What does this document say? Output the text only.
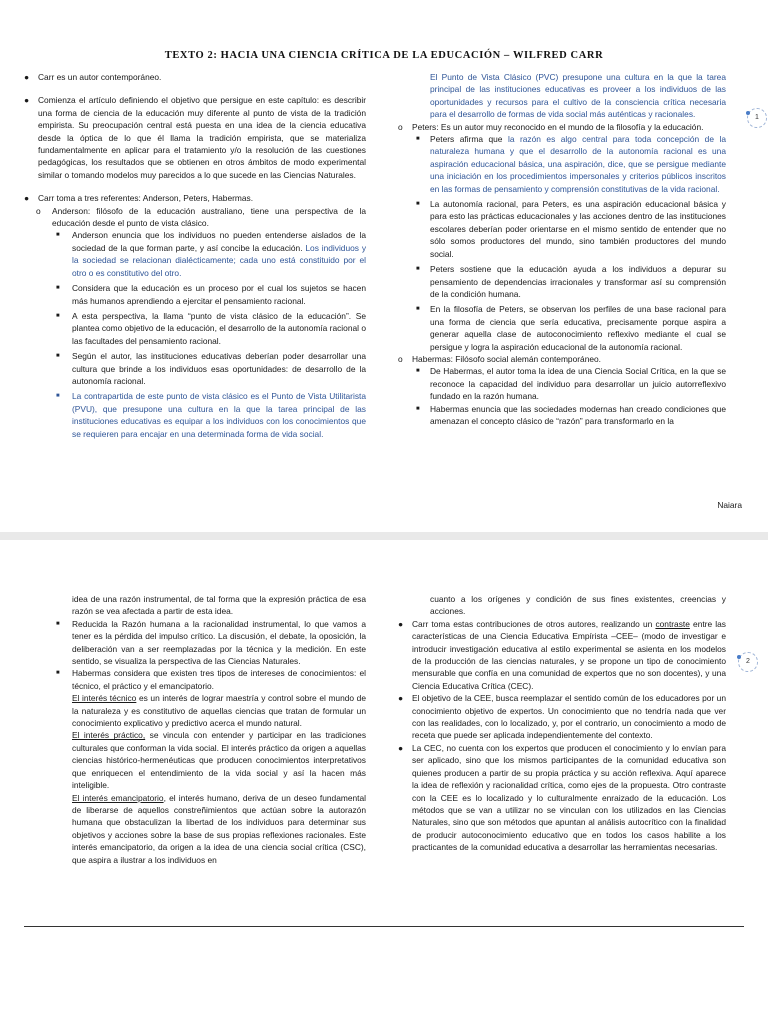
TEXTO 2: HACIA UNA CIENCIA CRÍTICA DE LA EDUCACIÓN – WILFRED CARR
● Carr es un autor contemporáneo.
● Comienza el artículo definiendo el objetivo que persigue en este capítulo: es describir una forma de ciencia de la educación muy diferente al punto de vista de la tradición empirista. Su preocupación central está puesta en una idea de la ciencia educativa desde la óptica de lo que él llama la tradición empirista, que se materializa fundamentalmente en aplicar para el tratamiento y/o la resolución de las cuestiones pedagógicas, los resultados que se obtienen en otros ámbitos de modo experimental similar o tomando modelos muy parecidos a lo que sucede en las Ciencias Naturales.
● Carr toma a tres referentes: Anderson, Peters, Habermas.
o Anderson: filósofo de la educación australiano, tiene una perspectiva de la educación desde el punto de vista clásico.
■ Anderson enuncia que los individuos no pueden entenderse aislados de la sociedad de la que forman parte, y así concibe la educación. Los individuos y la sociedad se relacionan dialécticamente; cada uno está constituido por el otro o es constitutivo del otro.
■ Considera que la educación es un proceso por el cual los sujetos se hacen más humanos aprendiendo a ejercitar el pensamiento racional.
■ A esta perspectiva, la llama “punto de vista clásico de la educación”. Se plantea como objetivo de la educación, el desarrollo de la autonomía racional o las facultades del pensamiento racional.
■ Según el autor, las instituciones educativas deberían poder desarrollar una cultura que brinde a los individuos esas oportunidades: de desarrollo de la autonomía racional.
■ La contrapartida de este punto de vista clásico es el Punto de Vista Utilitarista (PVU), que presupone una cultura en la que la tarea principal de las instituciones educativas es equipar a los individuos con los conocimientos que se requieren para encajar en una determinada forma de vida social.
El Punto de Vista Clásico (PVC) presupone una cultura en la que la tarea principal de las instituciones educativas es proveer a los individuos de las oportunidades y recursos para el cultivo de la consciencia crítica necesaria para el desarrollo de formas de vida social más auténticas y racionales.
o Peters: Es un autor muy reconocido en el mundo de la filosofía y la educación.
■ Peters afirma que la razón es algo central para toda concepción de la naturaleza humana y que el desarrollo de la autonomía racional es una aspiración educacional básica, una aspiración, dice, que se persigue mediante una iniciación en los procedimientos impersonales y criterios públicos inscritos en las formas de pensamiento y comprensión constitutivas de la vida racional.
■ La autonomía racional, para Peters, es una aspiración educacional básica y para esto las prácticas educacionales y las acciones dentro de las instituciones escolares deberían poder orientarse en el mismo sentido de entender que no sólo somos productores del mundo, sino también productores del mundo social.
■ Peters sostiene que la educación ayuda a los individuos a depurar su pensamiento de dependencias irracionales y transformar así su comprensión de la condición humana.
■ En la filosofía de Peters, se observan los perfiles de una base racional para una forma de ciencia que sería educativa, precisamente porque aspira a generar aquella clase de autoconocimiento reflexivo mediante el cual se persigue y logra la aspiración educacional de la autonomía racional.
o Habermas: Filósofo social alemán contemporáneo.
■ De Habermas, el autor toma la idea de una Ciencia Social Crítica, en la que se reconoce la capacidad del individuo para desarrollar un juicio autorreflexivo fundado en la razón humana.
■ Habermas enuncia que las sociedades modernas han creado condiciones que amenazan el concepto clásico de “razón” para transformarlo en la
1
Naiara
idea de una razón instrumental, de tal forma que la expresión práctica de esa razón se vea afectada a partir de esta idea.
■ Reducida la Razón humana a la racionalidad instrumental, lo que vamos a tener es la pérdida del impulso crítico. La discusión, el debate, la oposición, la deliberación van a ser reemplazadas por la técnica y la medición. En este sentido, se visualiza la perspectiva de las Ciencias Naturales.
■ Habermas considera que existen tres tipos de intereses de conocimientos: el técnico, el práctico y el emancipatorio.
El interés técnico es un interés de lograr maestría y control sobre el mundo de la naturaleza y es constitutivo de aquellas ciencias que tratan de formular un conocimiento explicativo y predictivo acerca el mundo natural.
El interés práctico, se vincula con entender y participar en las tradiciones culturales que conforman la vida social. El interés práctico da origen a aquellas ciencias histórico-hermenéuticas que producen conocimientos interpretativos que enriquecen el entendimiento de la vida social y así la hacen más inteligible.
El interés emancipatorio, el interés humano, deriva de un deseo fundamental de liberarse de aquellos constreñimientos que actúan sobre la autorazón humana que obstaculizan la libertad de los individuos para determinar sus objetivos y acciones sobre la base de sus propias reflexiones racionales. Este interés emancipatorio, da origen a la idea de una ciencia social crítica (CSC), que aspira a ilustrar a los individuos en
cuanto a los orígenes y condición de sus fines existentes, creencias y acciones.
● Carr toma estas contribuciones de otros autores, realizando un contraste entre las características de una Ciencia Educativa Empírista –CEE– (modo de investigar e introducir investigación educativa al estilo experimental se asienta en los modelos de la producción de las ciencias naturales, y se propone un tipo de conocimiento mensurable que confía en una comunidad de expertos que no son docentes), y una Ciencia Educativa Crítica (CEC).
● El objetivo de la CEE, busca reemplazar el sentido común de los educadores por un conocimiento objetivo de expertos. Un conocimiento que no tendría nada que ver con las realidades, con lo localizado, y, por el contrario, un conocimiento a modo de receta que puede ser aplicada independientemente del contexto.
● La CEC, no cuenta con los expertos que producen el conocimiento y lo envían para ser aplicado, sino que los mismos participantes de la comunidad educativa son quienes producen a partir de su propia práctica y su acción reflexiva. Aquí aparece la idea de reflexión y racionalidad crítica, como ejes de la propuesta. Otro contraste con la CEE es lo localizado y lo culturalmente enraizado de la educación. Los métodos que se van a utilizar no se vinculan con los utilizados en las Ciencias Naturales, sino que son métodos que apuntan al análisis autocrítico con la finalidad de producir autoconocimiento educativo que en todos los casos habilite a los practicantes de la comunidad educativa a desarrollar las herramientas necesarias.
2
